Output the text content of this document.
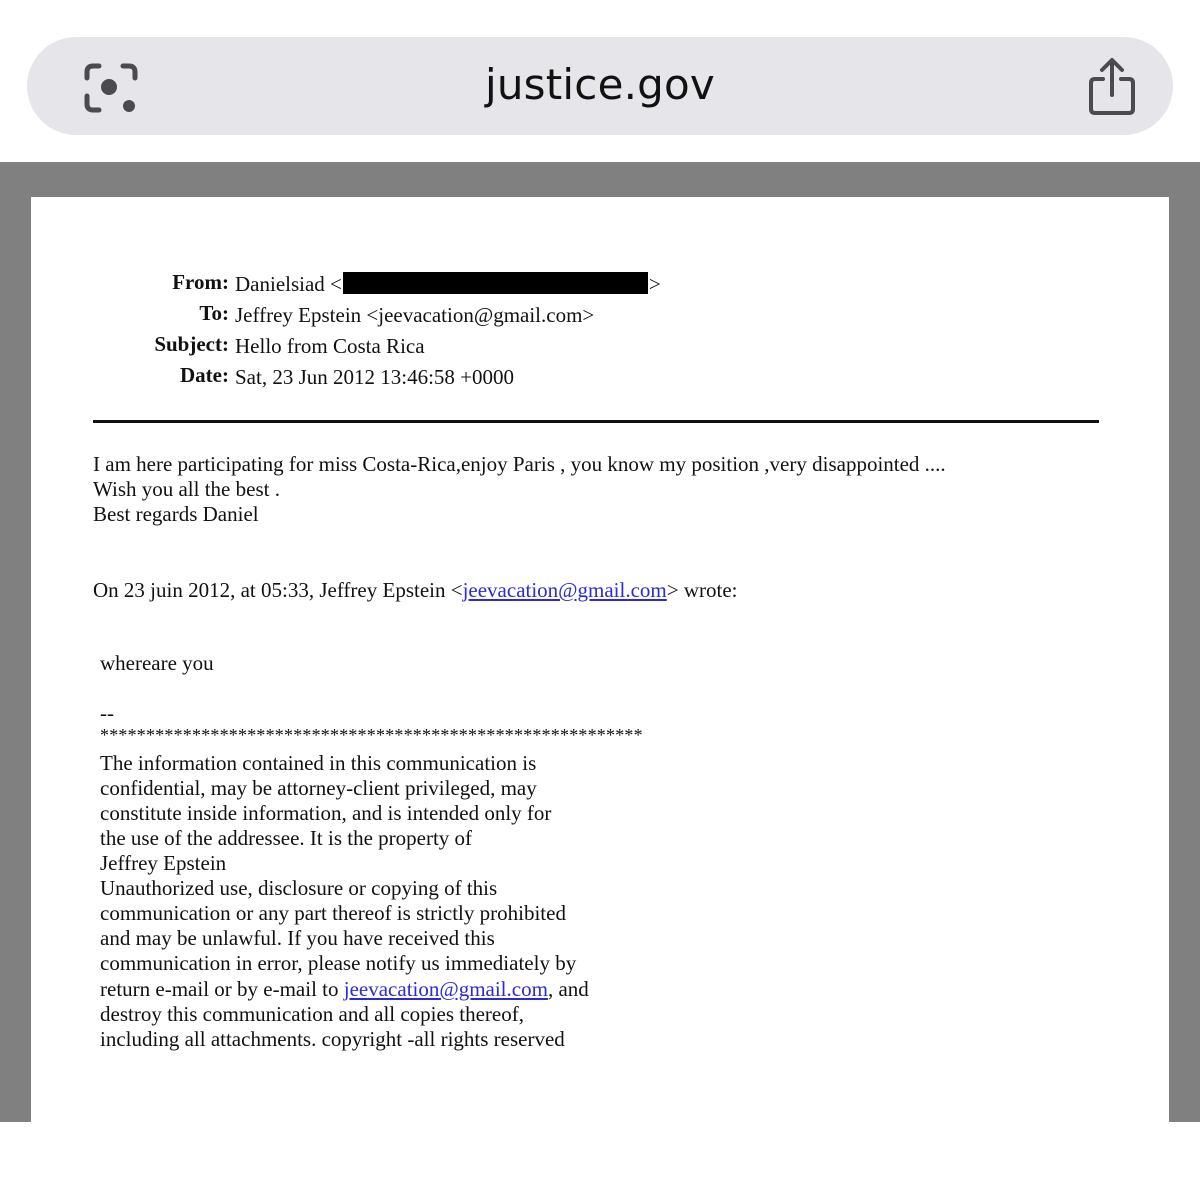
justice.gov
From: Danielsiad <	>
To: Jeffrey Epstein <jeevacation@gmail.com>
Subject: Hello from Costa Rica
Date: Sat, 23 Jun 2012 13:46:58 +0000
I am here participating for miss Costa-Rica,enjoy Paris , you know my position ,very disappointed ....
Wish you all the best .
Best regards Daniel
On 23 juin 2012, at 05:33, Jeffrey Epstein <jeevacation@gmail.com> wrote:
whereare you
--
***********************************************************
The information contained in this communication is
confidential, may be attorney-client privileged, may
constitute inside information, and is intended only for
the use of the addressee. It is the property of
Jeffrey Epstein
Unauthorized use, disclosure or copying of this
communication or any part thereof is strictly prohibited
and may be unlawful. If you have received this
communication in error, please notify us immediately by
return e-mail or by e-mail to jeevacation@gmail.com, and
destroy this communication and all copies thereof,
including all attachments. copyright -all rights reserved
